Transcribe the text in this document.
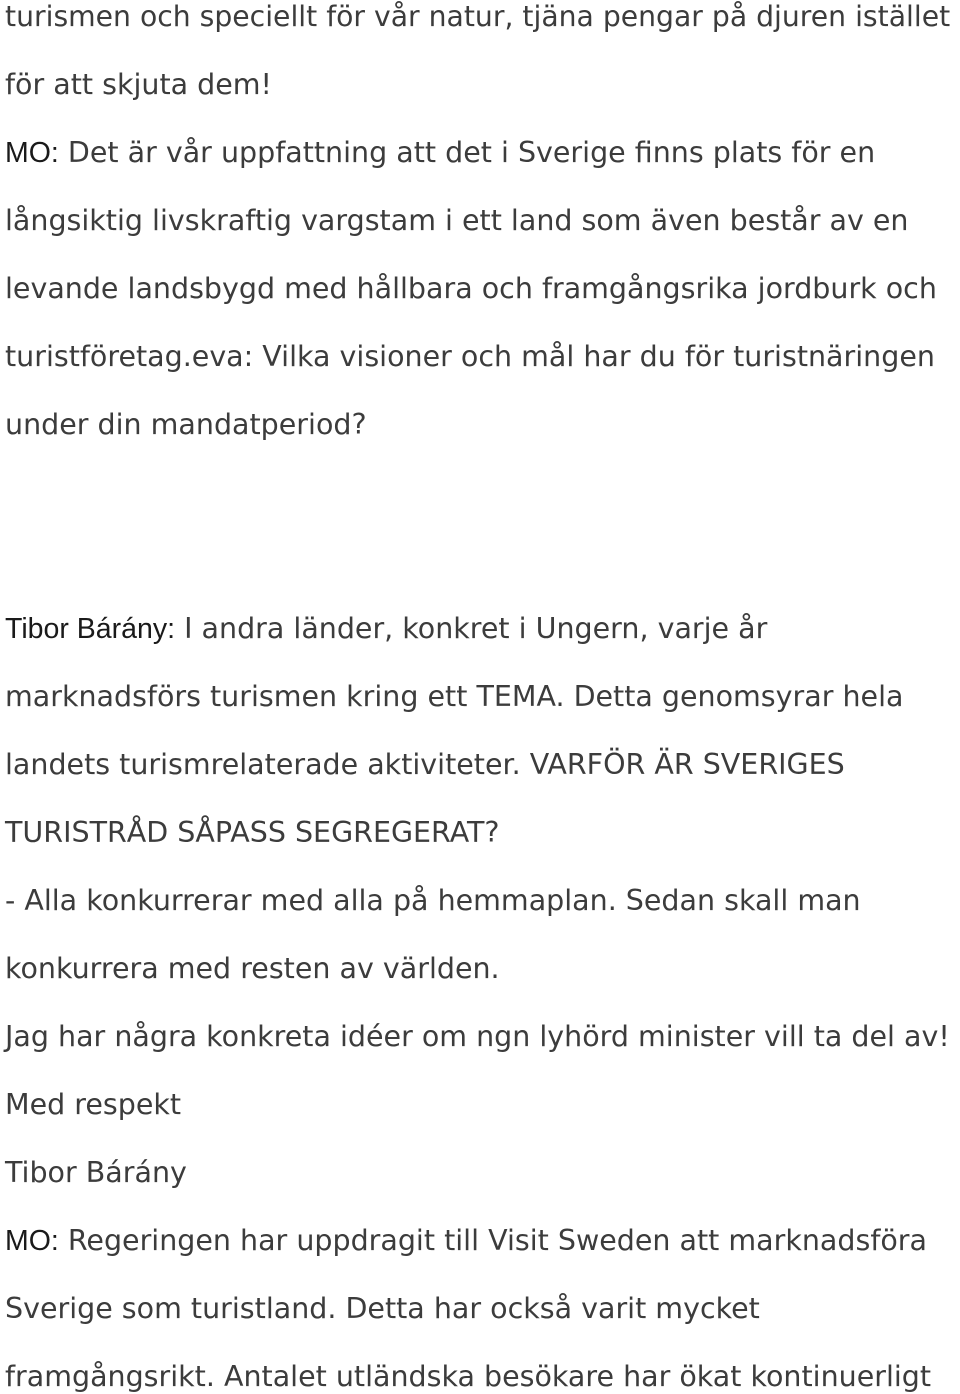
turismen och speciellt för vår natur, tjäna pengar på djuren istället
för att skjuta dem!
MO: Det är vår uppfattning att det i Sverige finns plats för en
långsiktig livskraftig vargstam i ett land som även består av en
levande landsbygd med hållbara och framgångsrika jordburk och
turistföretag.eva: Vilka visioner och mål har du för turistnäringen
under din mandatperiod?
Tibor Bárány: I andra länder, konkret i Ungern, varje år
marknadsförs turismen kring ett TEMA. Detta genomsyrar hela
landets turismrelaterade aktiviteter. VARFÖR ÄR SVERIGES
TURISTRÅD SÅPASS SEGREGERAT?
- Alla konkurrerar med alla på hemmaplan. Sedan skall man
konkurrera med resten av världen.
Jag har några konkreta idéer om ngn lyhörd minister vill ta del av!
Med respekt
Tibor Bárány
MO: Regeringen har uppdragit till Visit Sweden att marknadsföra
Sverige som turistland. Detta har också varit mycket
framgångsrikt. Antalet utländska besökare har ökat kontinuerligt
